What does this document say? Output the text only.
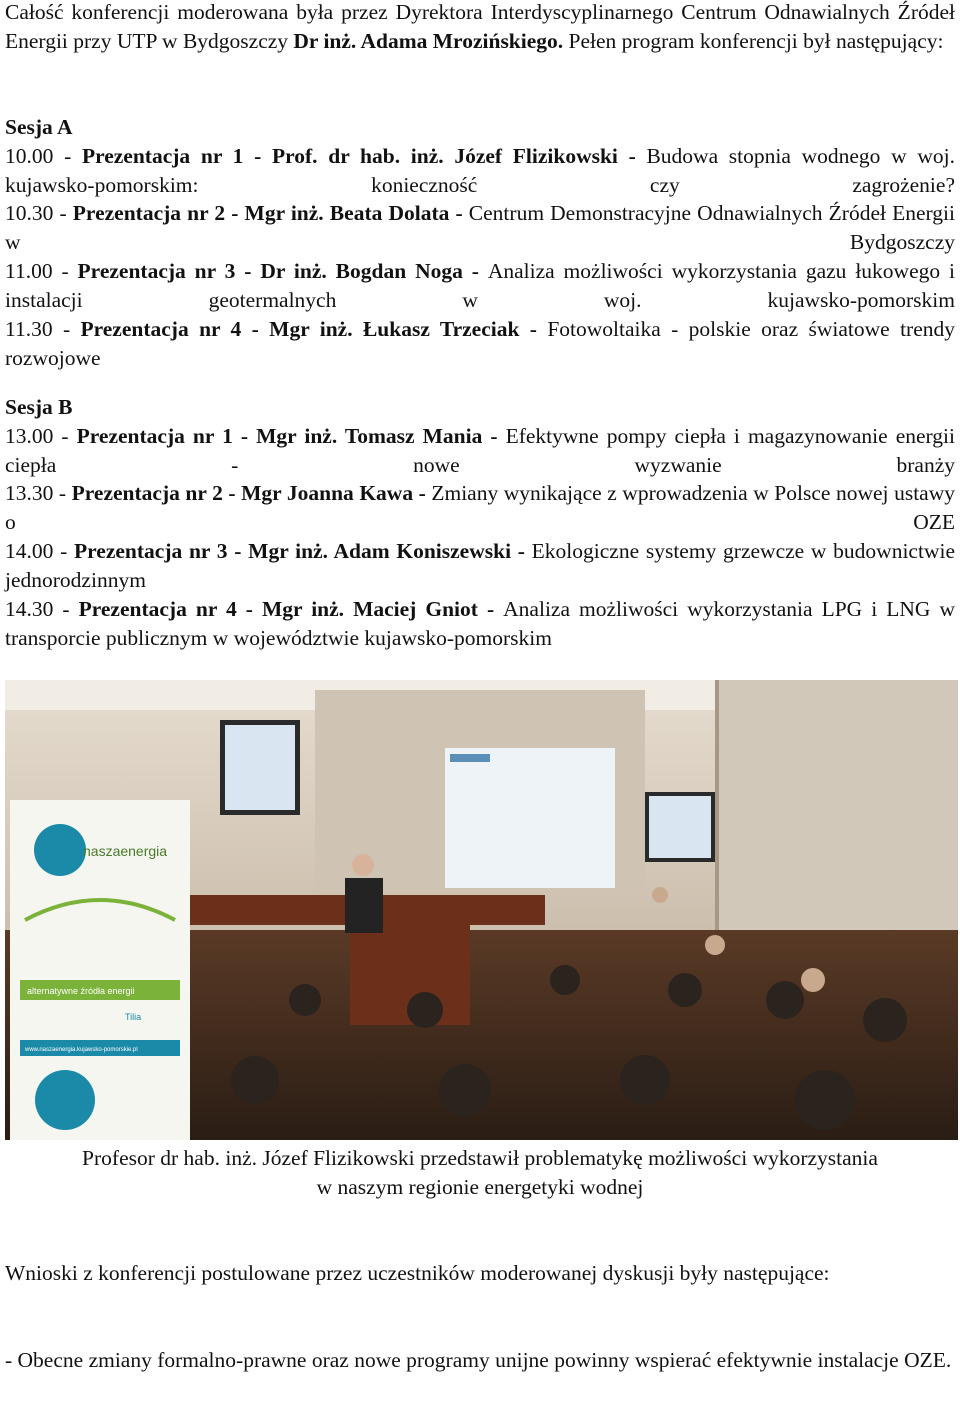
Całość konferencji moderowana była przez Dyrektora Interdyscyplinarnego Centrum Odnawialnych Źródeł Energii przy UTP w Bydgoszczy Dr inż. Adama Mrozińskiego. Pełen program konferencji był następujący:

Sesja A
10.00 - Prezentacja nr 1 - Prof. dr hab. inż. Józef Flizikowski - Budowa stopnia wodnego w woj. kujawsko-pomorskim: konieczność czy zagrożenie?
10.30 - Prezentacja nr 2 - Mgr inż. Beata Dolata - Centrum Demonstracyjne Odnawialnych Źródeł Energii w Bydgoszczy
11.00 - Prezentacja nr 3 - Dr inż. Bogdan Noga - Analiza możliwości wykorzystania gazu łukowego i instalacji geotermalnych w woj. kujawsko-pomorskim
11.30 - Prezentacja nr 4 - Mgr inż. Łukasz Trzeciak - Fotowoltaika - polskie oraz światowe trendy rozwojowe
Sesja B
13.00 - Prezentacja nr 1 - Mgr inż. Tomasz Mania - Efektywne pompy ciepła i magazynowanie energii ciepła - nowe wyzwanie branży
13.30 - Prezentacja nr 2 - Mgr Joanna Kawa - Zmiany wynikające z wprowadzenia w Polsce nowej ustawy o OZE
14.00 - Prezentacja nr 3 - Mgr inż. Adam Koniszewski - Ekologiczne systemy grzewcze w budownictwie jednorodzinnym
14.30 - Prezentacja nr 4 - Mgr inż. Maciej Gniot - Analiza możliwości wykorzystania LPG i LNG w transporcie publicznym w województwie kujawsko-pomorskim
naszaenergia
alternatywne źródła energii
Tilia
www.naszaenergia.kujawsko-pomorskie.pl
Profesor dr hab. inż. Józef Flizikowski przedstawił problematykę możliwości wykorzystania
w naszym regionie energetyki wodnej

Wnioski z konferencji postulowane przez uczestników moderowanej dyskusji były następujące:

- Obecne zmiany formalno-prawne oraz nowe programy unijne powinny wspierać efektywnie instalacje OZE.
